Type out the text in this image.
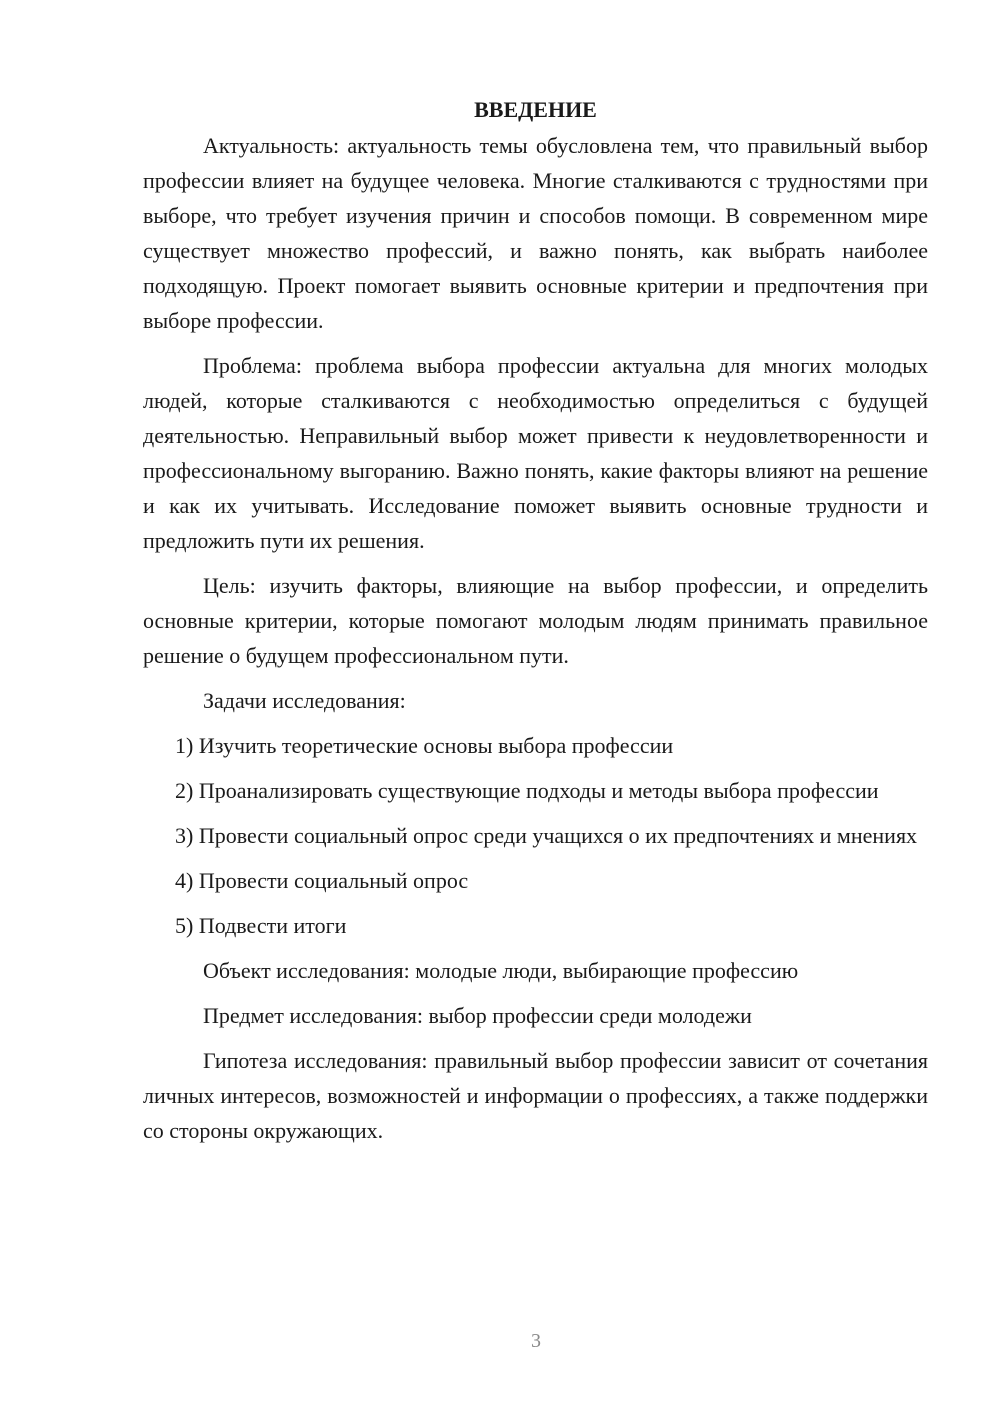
ВВЕДЕНИЕ

Актуальность: актуальность темы обусловлена тем, что правильный выбор профессии влияет на будущее человека. Многие сталкиваются с трудностями при выборе, что требует изучения причин и способов помощи. В современном мире существует множество профессий, и важно понять, как выбрать наиболее подходящую. Проект помогает выявить основные критерии и предпочтения при выборе профессии.

Проблема: проблема выбора профессии актуальна для многих молодых людей, которые сталкиваются с необходимостью определиться с будущей деятельностью. Неправильный выбор может привести к неудовлетворенности и профессиональному выгоранию. Важно понять, какие факторы влияют на решение и как их учитывать. Исследование поможет выявить основные трудности и предложить пути их решения.

Цель: изучить факторы, влияющие на выбор профессии, и определить основные критерии, которые помогают молодым людям принимать правильное решение о будущем профессиональном пути.

Задачи исследования:

1) Изучить теоретические основы выбора профессии

2) Проанализировать существующие подходы и методы выбора профессии

3) Провести социальный опрос среди учащихся о их предпочтениях и мнениях

4) Провести социальный опрос

5) Подвести итоги

Объект исследования: молодые люди, выбирающие профессию

Предмет исследования: выбор профессии среди молодежи

Гипотеза исследования: правильный выбор профессии зависит от сочетания личных интересов, возможностей и информации о профессиях, а также поддержки со стороны окружающих.

3
